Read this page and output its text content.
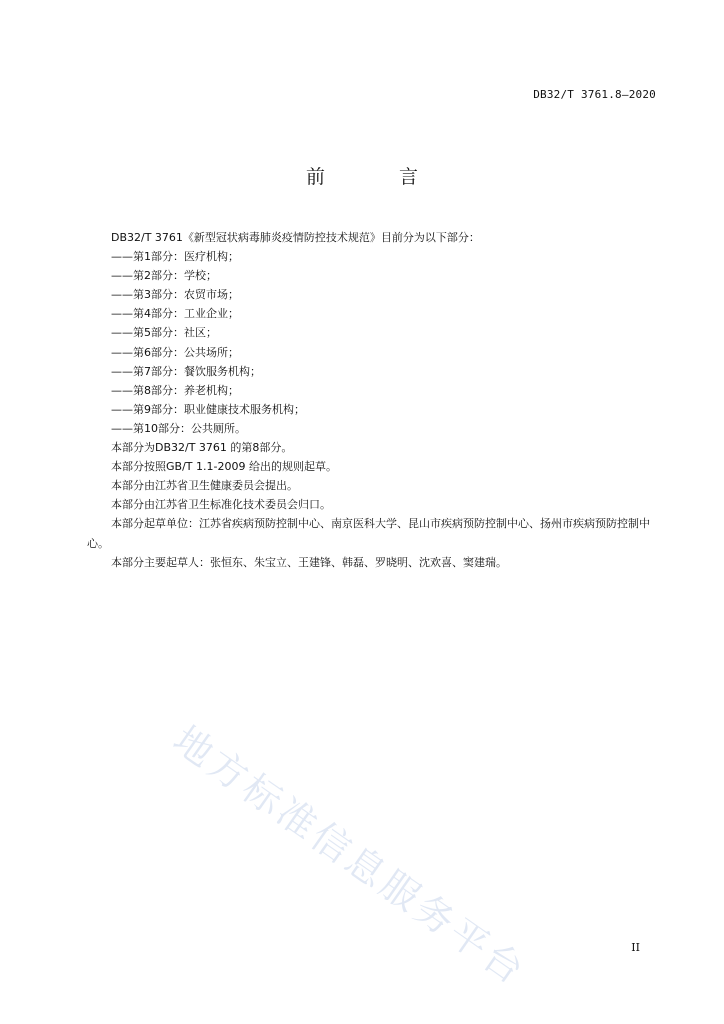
DB32/T 3761.8—2020
前 言

DB32/T 3761《新型冠状病毒肺炎疫情防控技术规范》目前分为以下部分：

——第1部分：医疗机构；

——第2部分：学校；

——第3部分：农贸市场；

——第4部分：工业企业；

——第5部分：社区；

——第6部分：公共场所；

——第7部分：餐饮服务机构；

——第8部分：养老机构；

——第9部分：职业健康技术服务机构；

——第10部分：公共厕所。

本部分为DB32/T 3761 的第8部分。

本部分按照GB/T 1.1-2009 给出的规则起草。

本部分由江苏省卫生健康委员会提出。

本部分由江苏省卫生标准化技术委员会归口。

本部分起草单位：江苏省疾病预防控制中心、南京医科大学、昆山市疾病预防控制中心、扬州市疾病预防控制中心。

本部分主要起草人：张恒东、朱宝立、王建锋、韩磊、罗晓明、沈欢喜、窦建瑞。

地方标准信息服务平台	II
